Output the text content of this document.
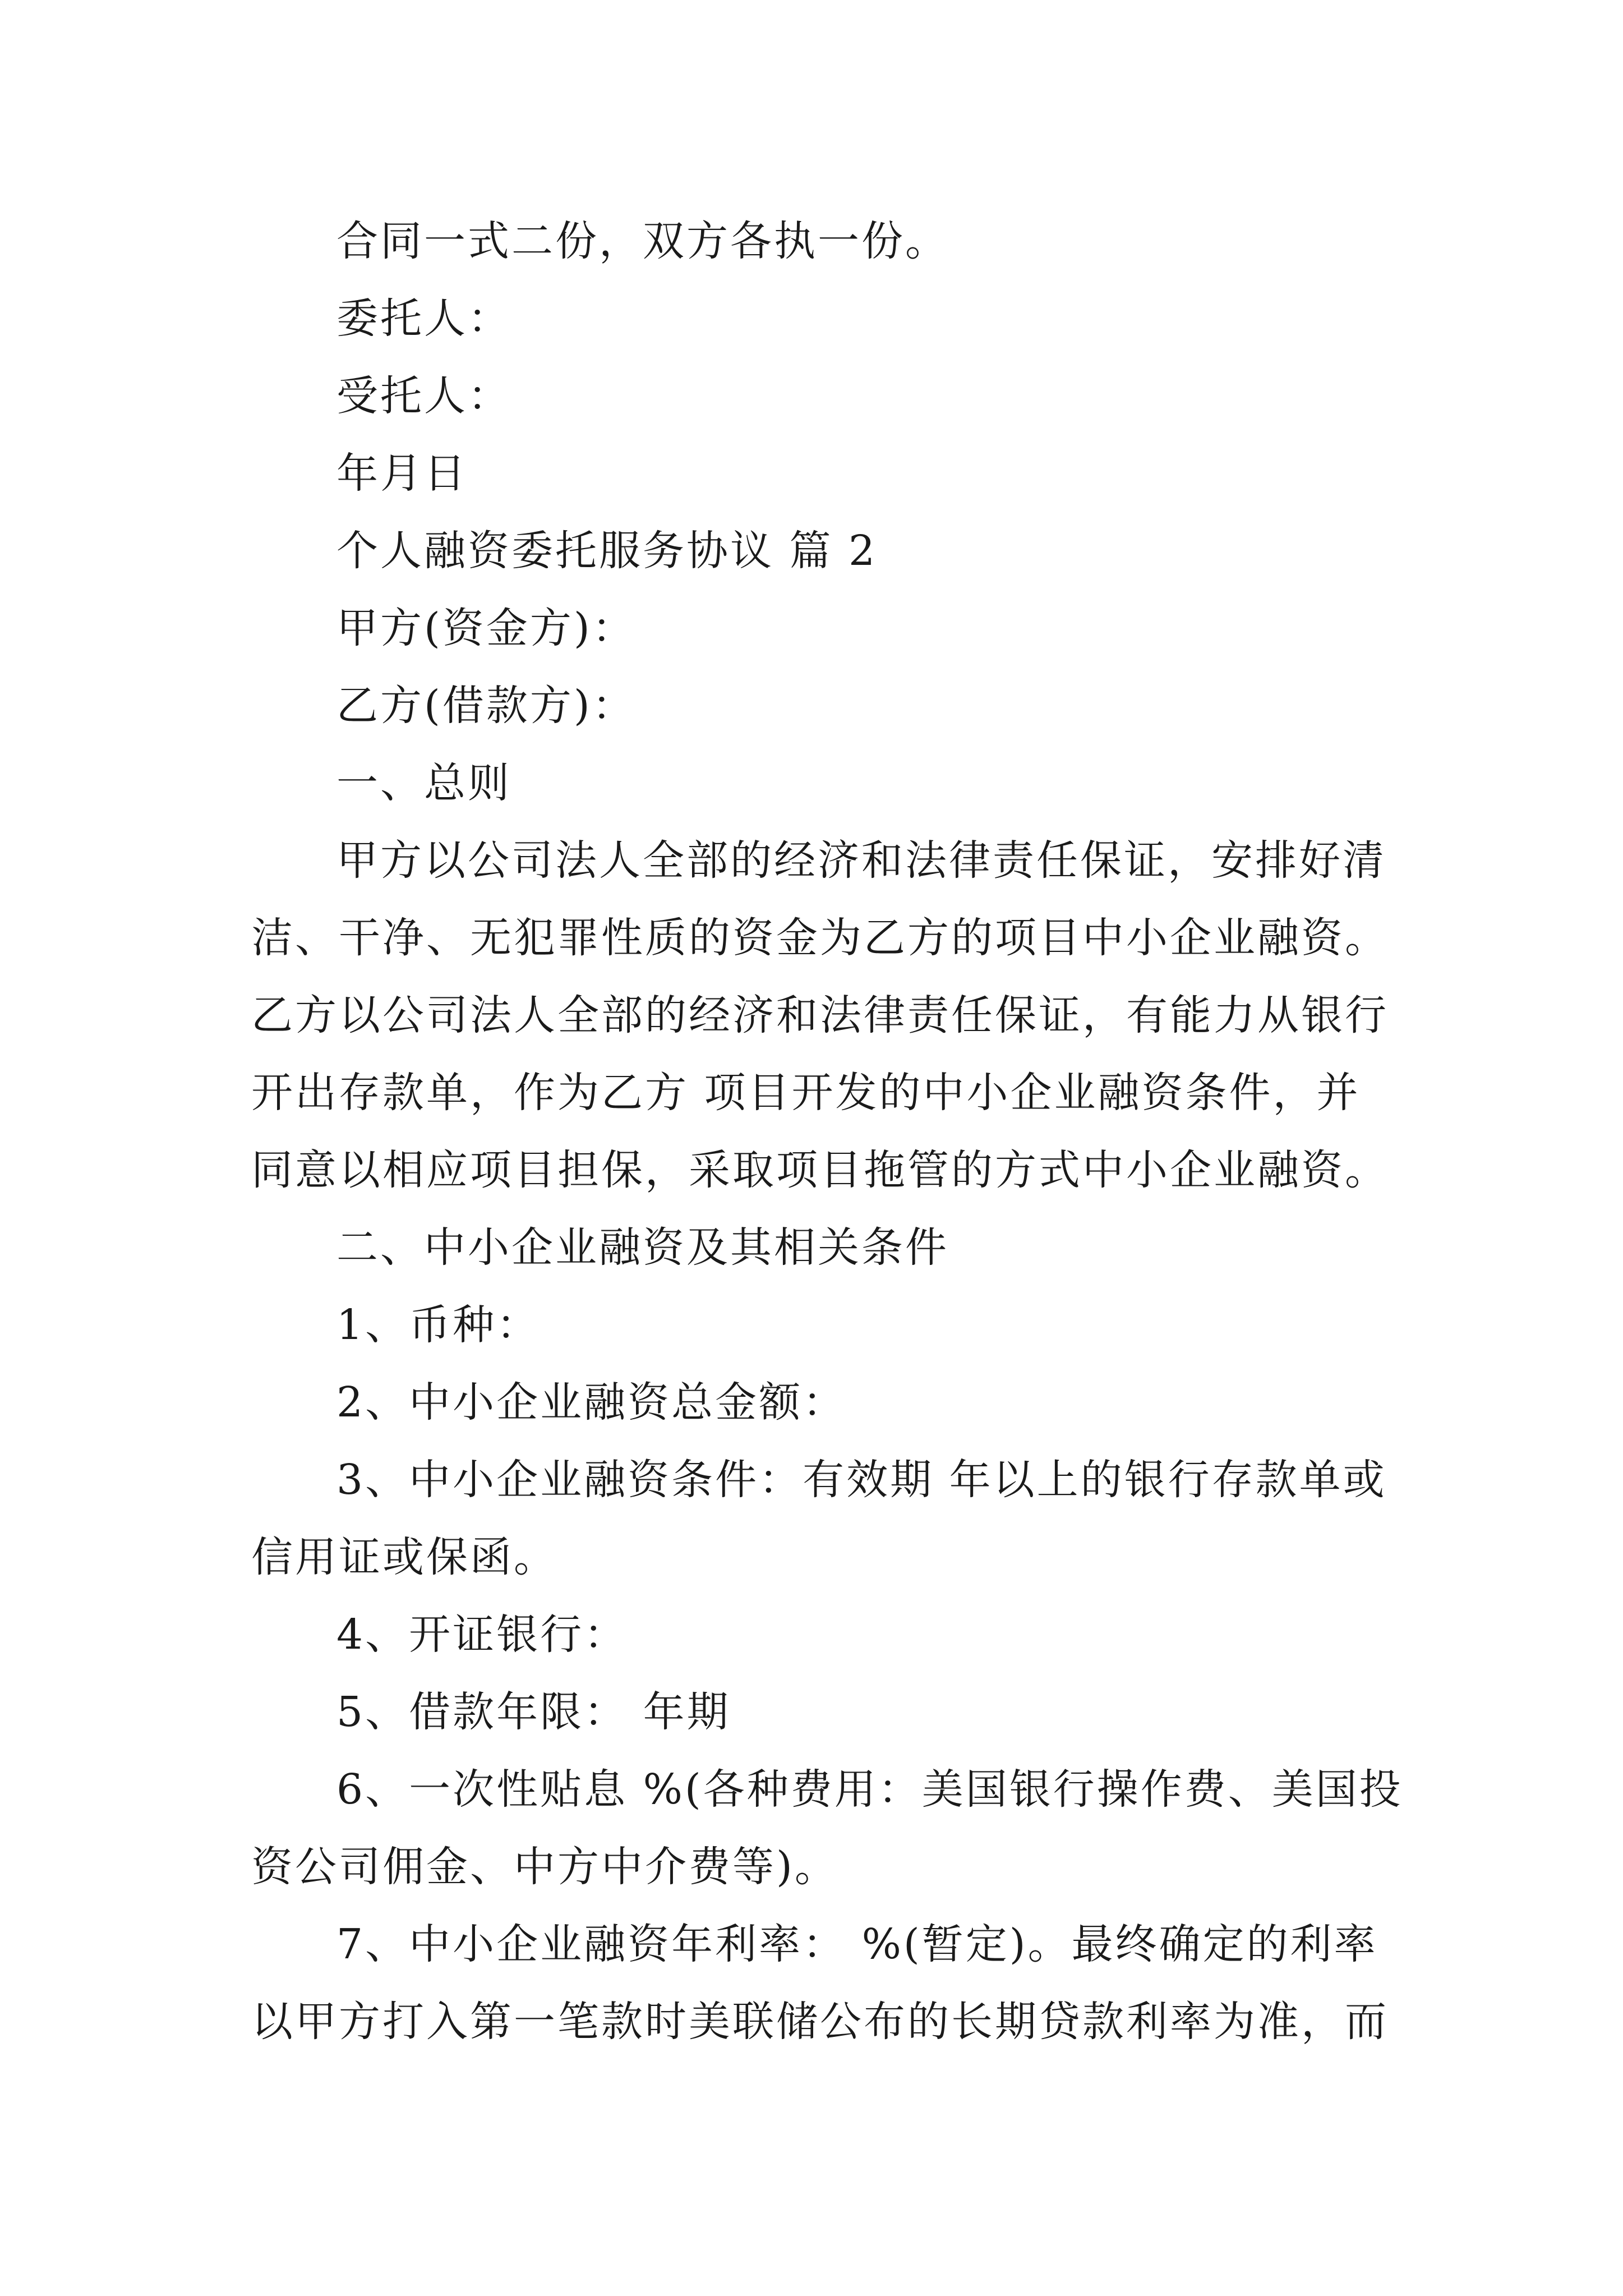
合同一式二份，双方各执一份。
委托人：
受托人：
年月日
个人融资委托服务协议 篇 2
甲方(资金方)：
乙方(借款方)：
一、总则
甲方以公司法人全部的经济和法律责任保证，安排好清
洁、干净、无犯罪性质的资金为乙方的项目中小企业融资。
乙方以公司法人全部的经济和法律责任保证，有能力从银行
开出存款单，作为乙方 项目开发的中小企业融资条件，并
同意以相应项目担保，采取项目拖管的方式中小企业融资。
二、中小企业融资及其相关条件
1、币种：
2、中小企业融资总金额：
3、中小企业融资条件：有效期 年以上的银行存款单或
信用证或保函。
4、开证银行：
5、借款年限： 年期
6、一次性贴息 %(各种费用：美国银行操作费、美国投
资公司佣金、中方中介费等)。
7、中小企业融资年利率： %(暂定)。最终确定的利率
以甲方打入第一笔款时美联储公布的长期贷款利率为准，而
